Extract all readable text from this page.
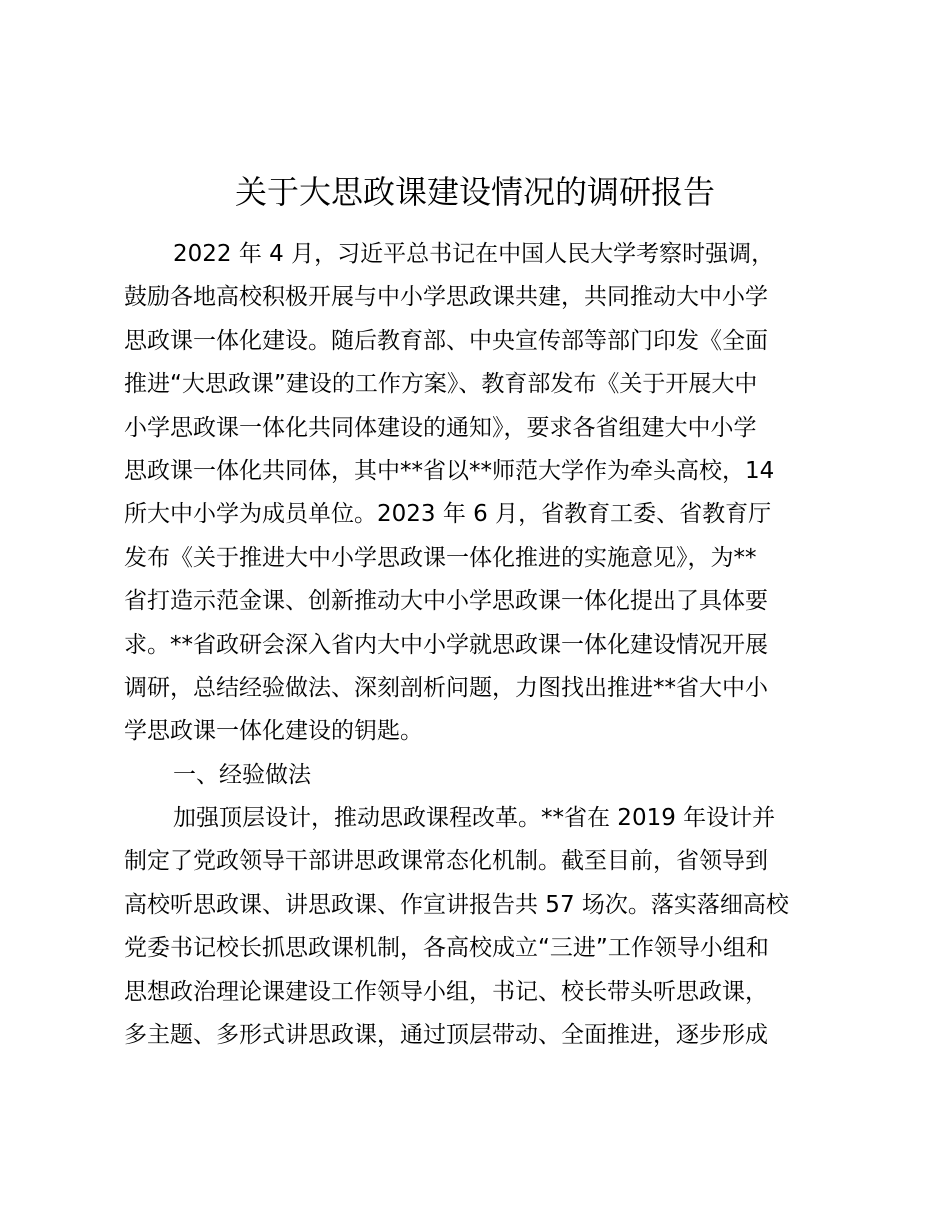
关于大思政课建设情况的调研报告
2022 年 4 月，习近平总书记在中国人民大学考察时强调，
鼓励各地高校积极开展与中小学思政课共建，共同推动大中小学
思政课一体化建设。随后教育部、中央宣传部等部门印发《全面
推进“大思政课”建设的工作方案》、教育部发布《关于开展大中
小学思政课一体化共同体建设的通知》，要求各省组建大中小学
思政课一体化共同体，其中**省以**师范大学作为牵头高校，14
所大中小学为成员单位。2023 年 6 月，省教育工委、省教育厅
发布《关于推进大中小学思政课一体化推进的实施意见》，为**
省打造示范金课、创新推动大中小学思政课一体化提出了具体要
求。**省政研会深入省内大中小学就思政课一体化建设情况开展
调研，总结经验做法、深刻剖析问题，力图找出推进**省大中小
学思政课一体化建设的钥匙。
一、经验做法
加强顶层设计，推动思政课程改革。**省在 2019 年设计并
制定了党政领导干部讲思政课常态化机制。截至目前，省领导到
高校听思政课、讲思政课、作宣讲报告共 57 场次。落实落细高校
党委书记校长抓思政课机制，各高校成立“三进”工作领导小组和
思想政治理论课建设工作领导小组，书记、校长带头听思政课，
多主题、多形式讲思政课，通过顶层带动、全面推进，逐步形成
